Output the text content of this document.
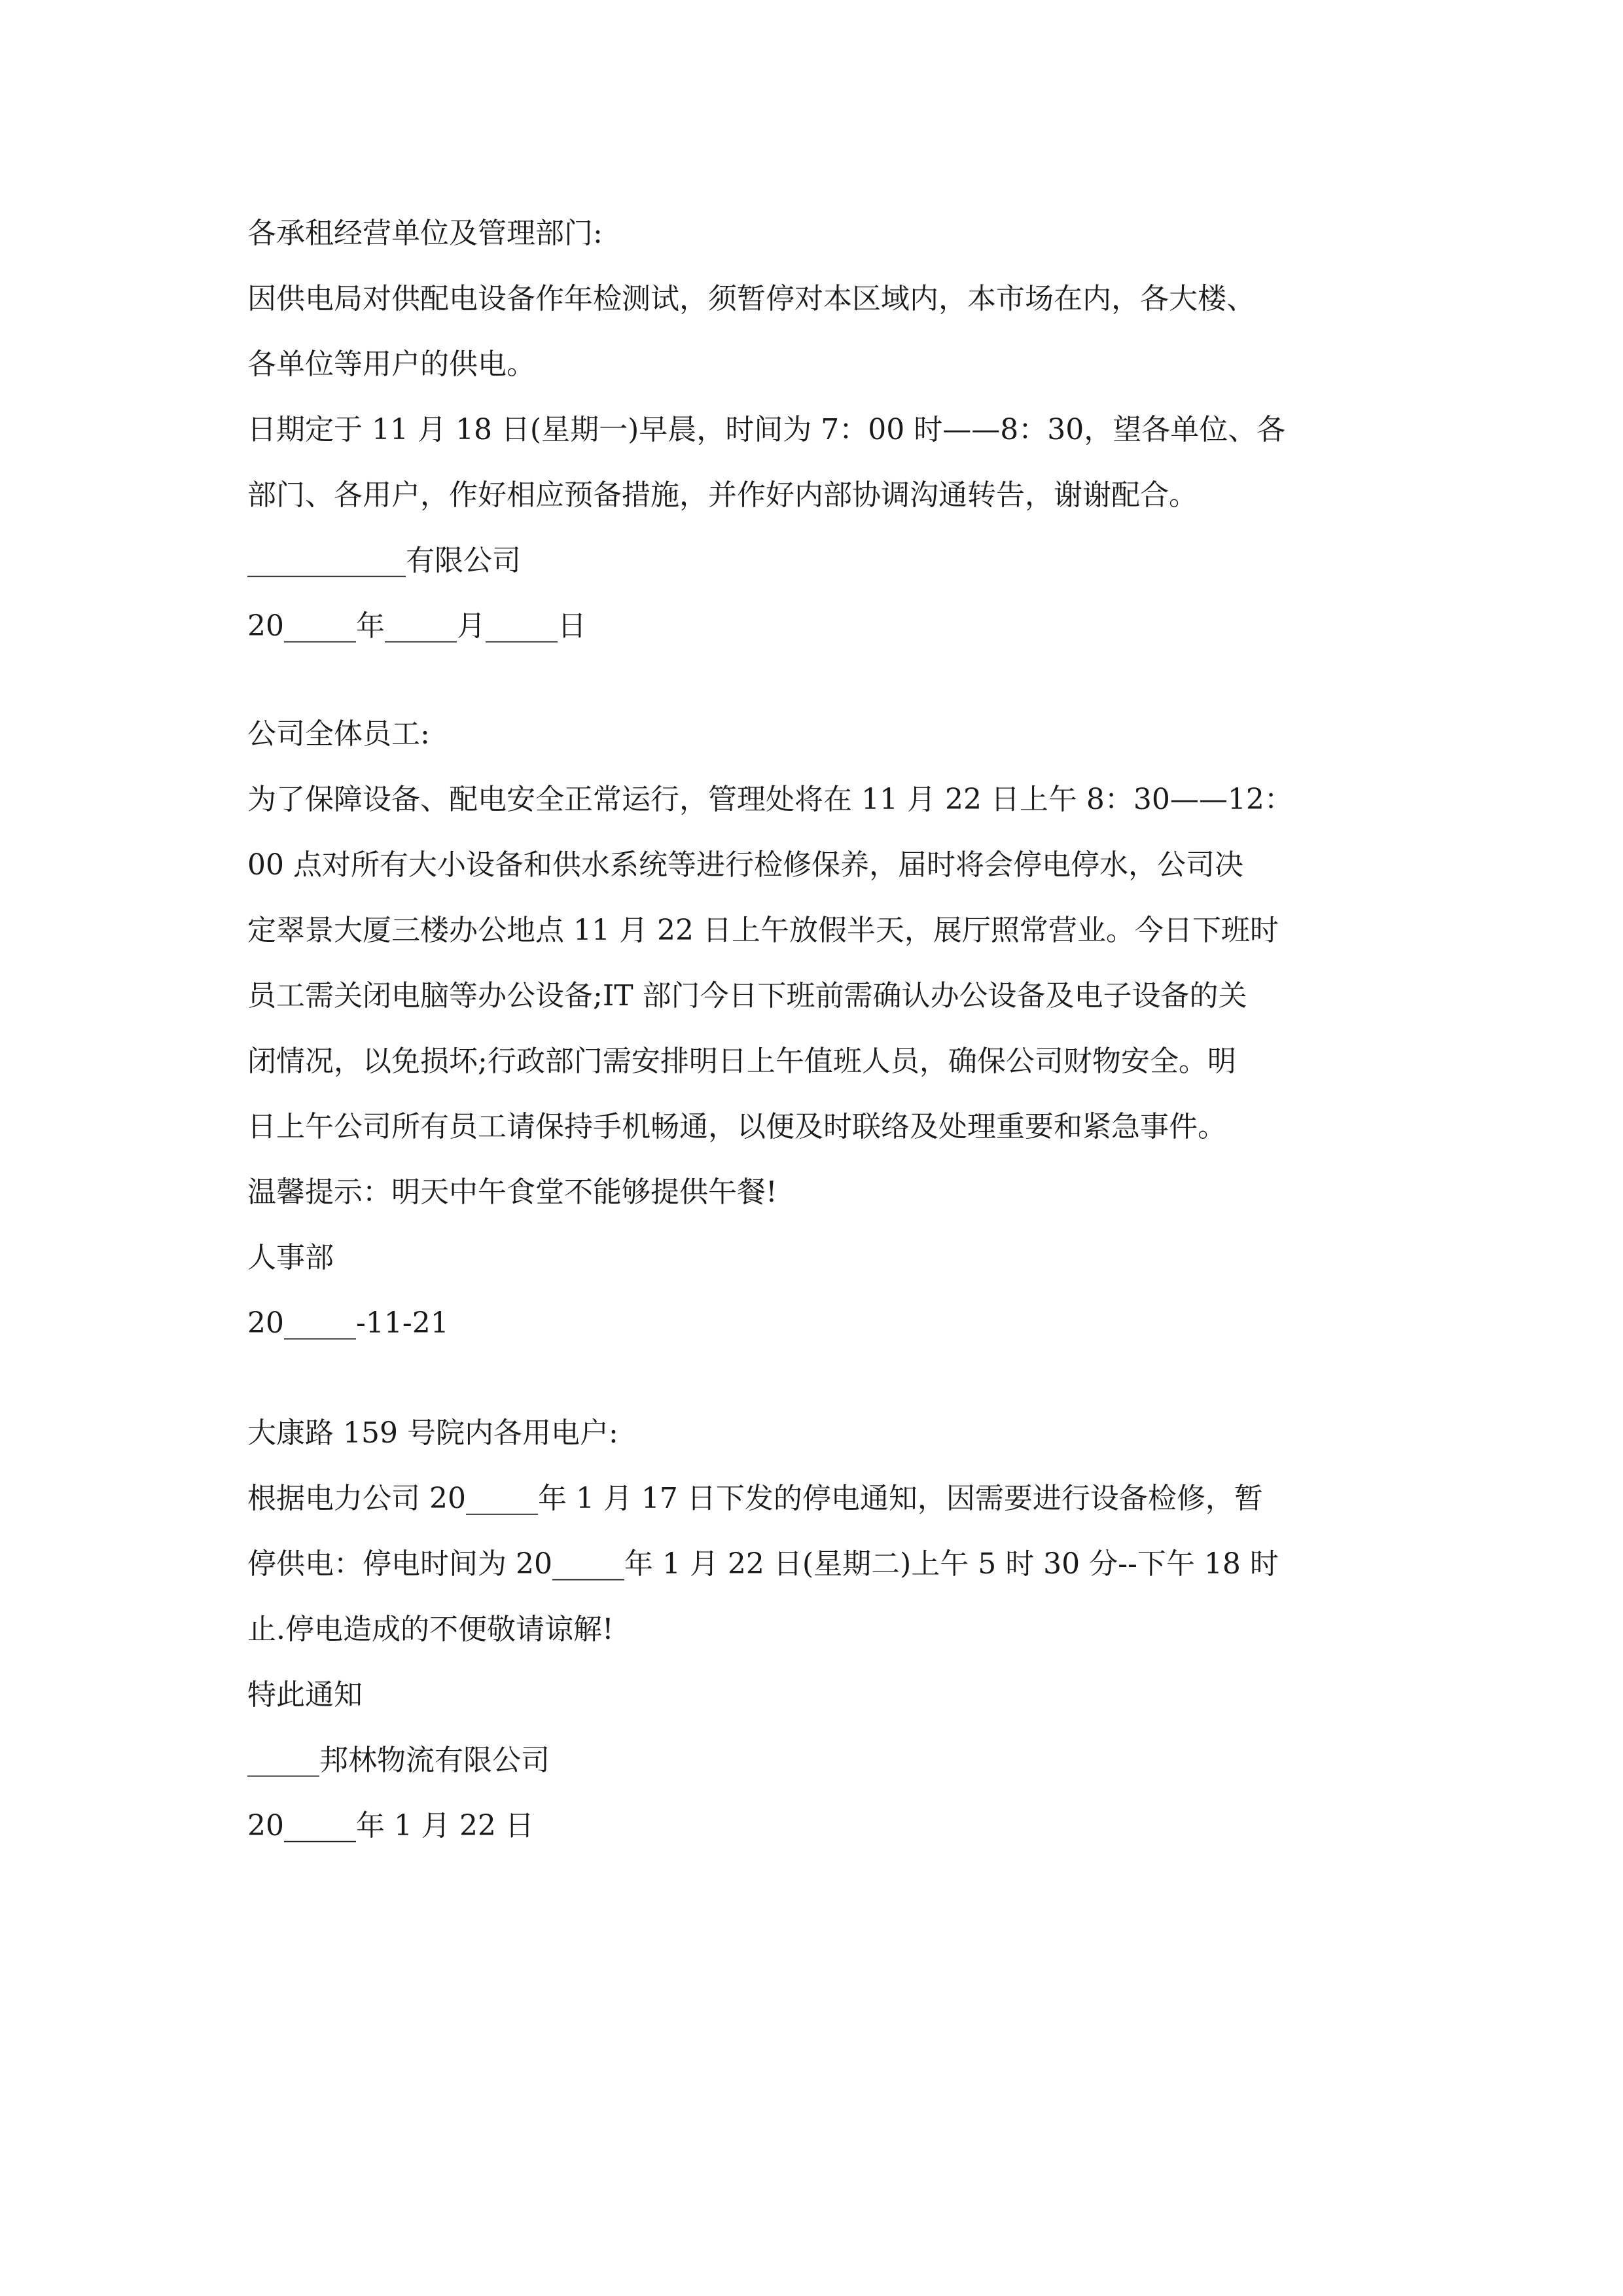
各承租经营单位及管理部门:
因供电局对供配电设备作年检测试，须暂停对本区域内，本市场在内，各大楼、
各单位等用户的供电。
日期定于 11 月 18 日(星期一)早晨，时间为 7：00 时——8：30，望各单位、各
部门、各用户，作好相应预备措施，并作好内部协调沟通转告，谢谢配合。
___________有限公司
20_____年_____月_____日
公司全体员工:
为了保障设备、配电安全正常运行，管理处将在 11 月 22 日上午 8：30——12：
00 点对所有大小设备和供水系统等进行检修保养，届时将会停电停水，公司决
定翠景大厦三楼办公地点 11 月 22 日上午放假半天，展厅照常营业。今日下班时
员工需关闭电脑等办公设备;IT 部门今日下班前需确认办公设备及电子设备的关
闭情况，以免损坏;行政部门需安排明日上午值班人员，确保公司财物安全。明
日上午公司所有员工请保持手机畅通，以便及时联络及处理重要和紧急事件。
温馨提示：明天中午食堂不能够提供午餐!
人事部
20_____-11-21
大康路 159 号院内各用电户:
根据电力公司 20_____年 1 月 17 日下发的停电通知，因需要进行设备检修，暂
停供电：停电时间为 20_____年 1 月 22 日(星期二)上午 5 时 30 分--下午 18 时
止.停电造成的不便敬请谅解!
特此通知
_____邦林物流有限公司
20_____年 1 月 22 日
